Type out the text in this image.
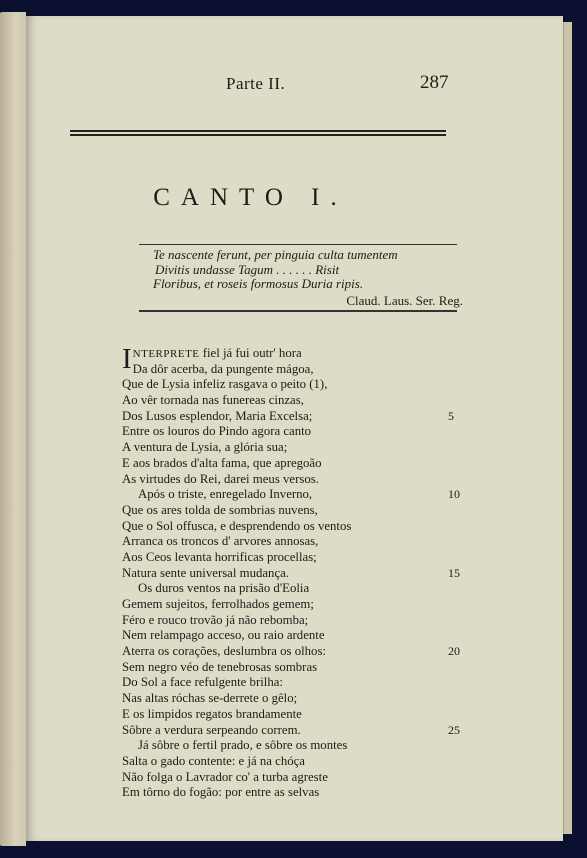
Parte II.	287
CANTO I.
Te nascente ferunt, per pinguia culta tumentem
Divitis undasse Tagum . . . . . . Risit
Floribus, et roseis formosus Duria ripis.
Claud. Laus. Ser. Reg.
INTERPRETE fiel já fui outr' hora
Da dôr acerba, da pungente mágoa,
Que de Lysia infeliz rasgava o peito (1),
Ao vêr tornada nas funereas cinzas,
Dos Lusos esplendor, Maria Excelsa;	5
Entre os louros do Pindo agora canto
A ventura de Lysia, a glória sua;
E aos brados d'alta fama, que apregoão
As virtudes do Rei, darei meus versos.
Após o triste, enregelado Inverno,	10
Que os ares tolda de sombrias nuvens,
Que o Sol offusca, e desprendendo os ventos
Arranca os troncos d' arvores annosas,
Aos Ceos levanta horrificas procellas;
Natura sente universal mudança.	15
Os duros ventos na prisão d'Eolia
Gemem sujeitos, ferrolhados gemem;
Féro e rouco trovão já não rebomba;
Nem relampago acceso, ou raio ardente
Aterra os corações, deslumbra os olhos:	20
Sem negro véo de tenebrosas sombras
Do Sol a face refulgente brilha:
Nas altas róchas se-derrete o gêlo;
E os limpidos regatos brandamente
Sôbre a verdura serpeando correm.	25
Já sôbre o fertil prado, e sôbre os montes
Salta o gado contente: e já na chóça
Não folga o Lavrador co' a turba agreste
Em tôrno do fogão: por entre as selvas
